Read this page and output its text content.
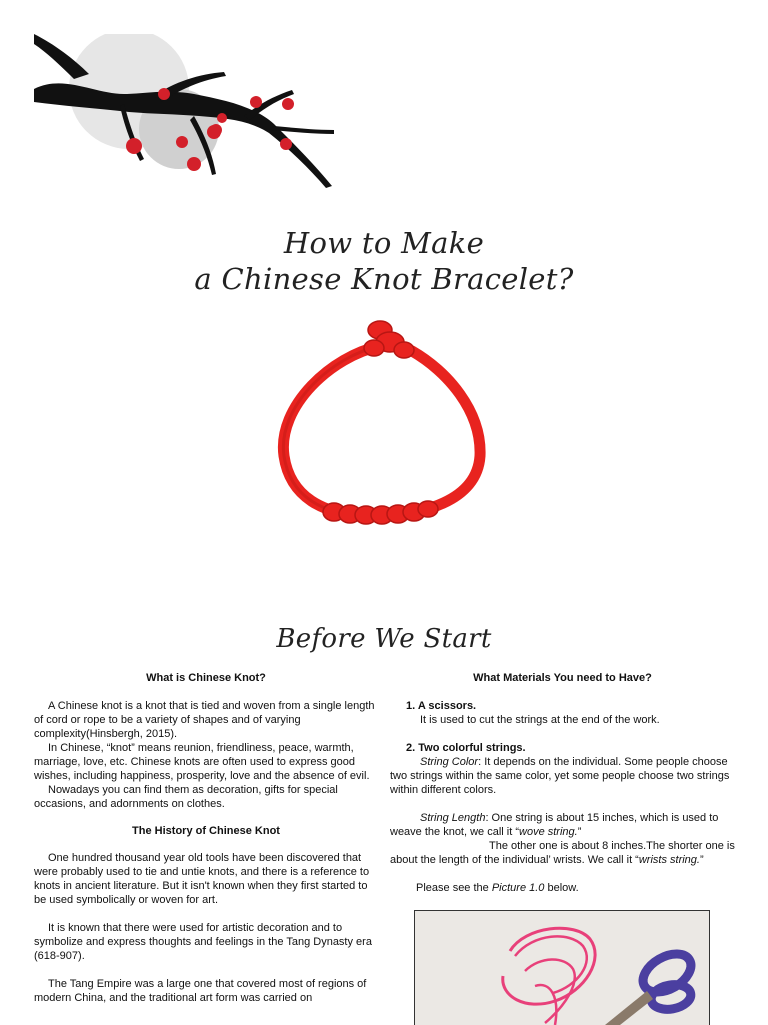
How to Make
a Chinese Knot Bracelet?
Before We Start
What is Chinese Knot?

A Chinese knot is a knot that is tied and woven from a single length of cord or rope to be a variety of shapes and of varying complexity(Hinsbergh, 2015).

In Chinese, “knot” means reunion, friendliness, peace, warmth, marriage, love, etc. Chinese knots are often used to express good wishes, including happiness, prosperity, love and the absence of evil.

Nowadays you can find them as decoration, gifts for special occasions, and adornments on clothes.

The History of Chinese Knot

One hundred thousand year old tools have been discovered that were probably used to tie and untie knots, and there is a reference to knots in ancient literature. But it isn't known when they first started to be used symbolically or woven for art.

It is known that there were used for artistic decoration and to symbolize and express thoughts and feelings in the Tang Dynasty era (618-907).

The Tang Empire was a large one that covered most of regions of modern China, and the traditional art form was carried on

What Materials You need to Have?
1. A scissors.
It is used to cut the strings at the end of the work.
2. Two colorful strings.

String Color: It depends on the individual. Some people choose two strings within the same color, yet some people choose two strings within different colors.

String Length: One string is about 15 inches, which is used to weave the knot, we call it “wove string.”

The other one is about 8 inches.The shorter one is about the length of the individual’ wrists. We call it “wrists string.”

Please see the Picture 1.0 below.
